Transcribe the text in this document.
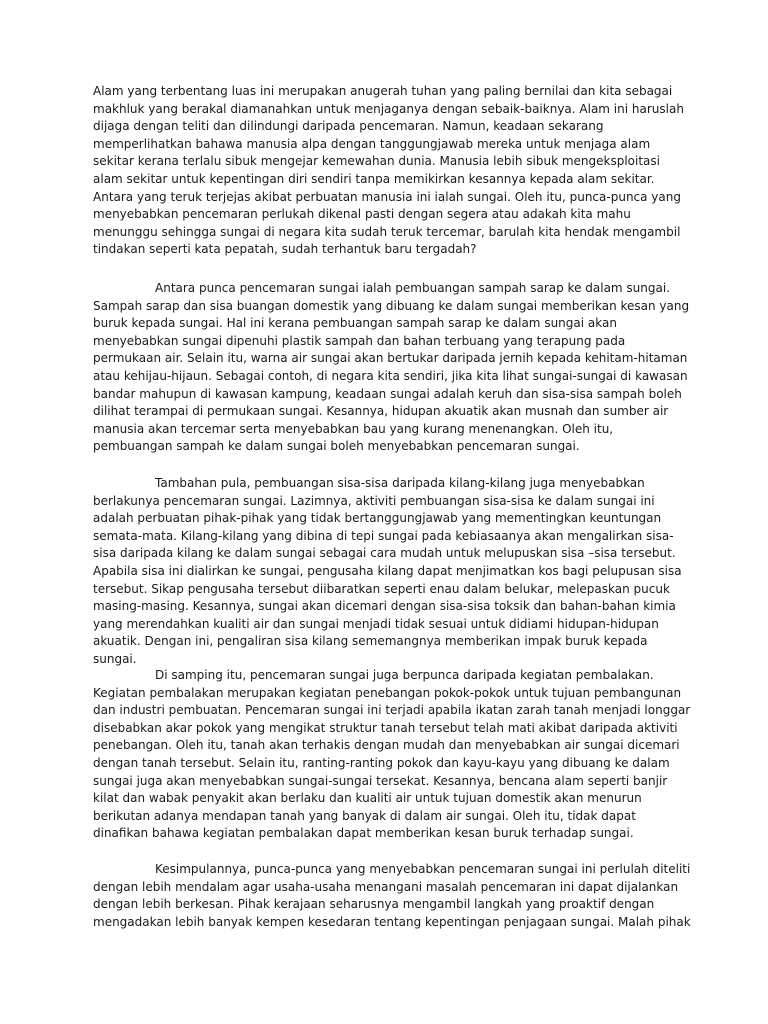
Alam yang terbentang luas ini merupakan anugerah tuhan yang paling bernilai dan kita sebagai makhluk yang berakal diamanahkan untuk menjaganya dengan sebaik-baiknya. Alam ini haruslah dijaga dengan teliti dan dilindungi daripada pencemaran. Namun, keadaan sekarang memperlihatkan bahawa manusia alpa dengan tanggungjawab mereka untuk menjaga alam sekitar kerana terlalu sibuk mengejar kemewahan dunia. Manusia lebih sibuk mengeksploitasi alam sekitar untuk kepentingan diri sendiri tanpa memikirkan kesannya kepada alam sekitar. Antara yang teruk terjejas akibat perbuatan manusia ini ialah sungai. Oleh itu, punca-punca yang menyebabkan pencemaran perlukah dikenal pasti dengan segera atau adakah kita mahu menunggu sehingga sungai di negara kita sudah teruk tercemar, barulah kita hendak mengambil tindakan seperti kata pepatah, sudah terhantuk baru tergadah?

Antara punca pencemaran sungai ialah pembuangan sampah sarap ke dalam sungai. Sampah sarap dan sisa buangan domestik yang dibuang ke dalam sungai memberikan kesan yang buruk kepada sungai. Hal ini kerana pembuangan sampah sarap ke dalam sungai akan menyebabkan sungai dipenuhi plastik sampah dan bahan terbuang yang terapung pada permukaan air. Selain itu, warna air sungai akan bertukar daripada jernih kepada kehitam-hitaman atau kehijau-hijaun. Sebagai contoh, di negara kita sendiri, jika kita lihat sungai-sungai di kawasan bandar mahupun di kawasan kampung, keadaan sungai adalah keruh dan sisa-sisa sampah boleh dilihat terampai di permukaan sungai. Kesannya, hidupan akuatik akan musnah dan sumber air manusia akan tercemar serta menyebabkan bau yang kurang menenangkan. Oleh itu, pembuangan sampah ke dalam sungai boleh menyebabkan pencemaran sungai.

Tambahan pula, pembuangan sisa-sisa daripada kilang-kilang juga menyebabkan berlakunya pencemaran sungai. Lazimnya, aktiviti pembuangan sisa-sisa ke dalam sungai ini adalah perbuatan pihak-pihak yang tidak bertanggungjawab yang mementingkan keuntungan semata-mata. Kilang-kilang yang dibina di tepi sungai pada kebiasaanya akan mengalirkan sisa-sisa daripada kilang ke dalam sungai sebagai cara mudah untuk melupuskan sisa –sisa tersebut. Apabila sisa ini dialirkan ke sungai, pengusaha kilang dapat menjimatkan kos bagi pelupusan sisa tersebut. Sikap pengusaha tersebut diibaratkan seperti enau dalam belukar, melepaskan pucuk masing-masing. Kesannya, sungai akan dicemari dengan sisa-sisa toksik dan bahan-bahan kimia yang merendahkan kualiti air dan sungai menjadi tidak sesuai untuk didiami hidupan-hidupan akuatik. Dengan ini, pengaliran sisa kilang sememangnya memberikan impak buruk kepada sungai.

Di samping itu, pencemaran sungai juga berpunca daripada kegiatan pembalakan. Kegiatan pembalakan merupakan kegiatan penebangan pokok-pokok untuk tujuan pembangunan dan industri pembuatan. Pencemaran sungai ini terjadi apabila ikatan zarah tanah menjadi longgar disebabkan akar pokok yang mengikat struktur tanah tersebut telah mati akibat daripada aktiviti penebangan. Oleh itu, tanah akan terhakis dengan mudah dan menyebabkan air sungai dicemari dengan tanah tersebut. Selain itu, ranting-ranting pokok dan kayu-kayu yang dibuang ke dalam sungai juga akan menyebabkan sungai-sungai tersekat. Kesannya, bencana alam seperti banjir kilat dan wabak penyakit akan berlaku dan kualiti air untuk tujuan domestik akan menurun berikutan adanya mendapan tanah yang banyak di dalam air sungai. Oleh itu, tidak dapat dinafikan bahawa kegiatan pembalakan dapat memberikan kesan buruk terhadap sungai.

Kesimpulannya, punca-punca yang menyebabkan pencemaran sungai ini perlulah diteliti dengan lebih mendalam agar usaha-usaha menangani masalah pencemaran ini dapat dijalankan dengan lebih berkesan. Pihak kerajaan seharusnya mengambil langkah yang proaktif dengan mengadakan lebih banyak kempen kesedaran tentang kepentingan penjagaan sungai. Malah pihak
